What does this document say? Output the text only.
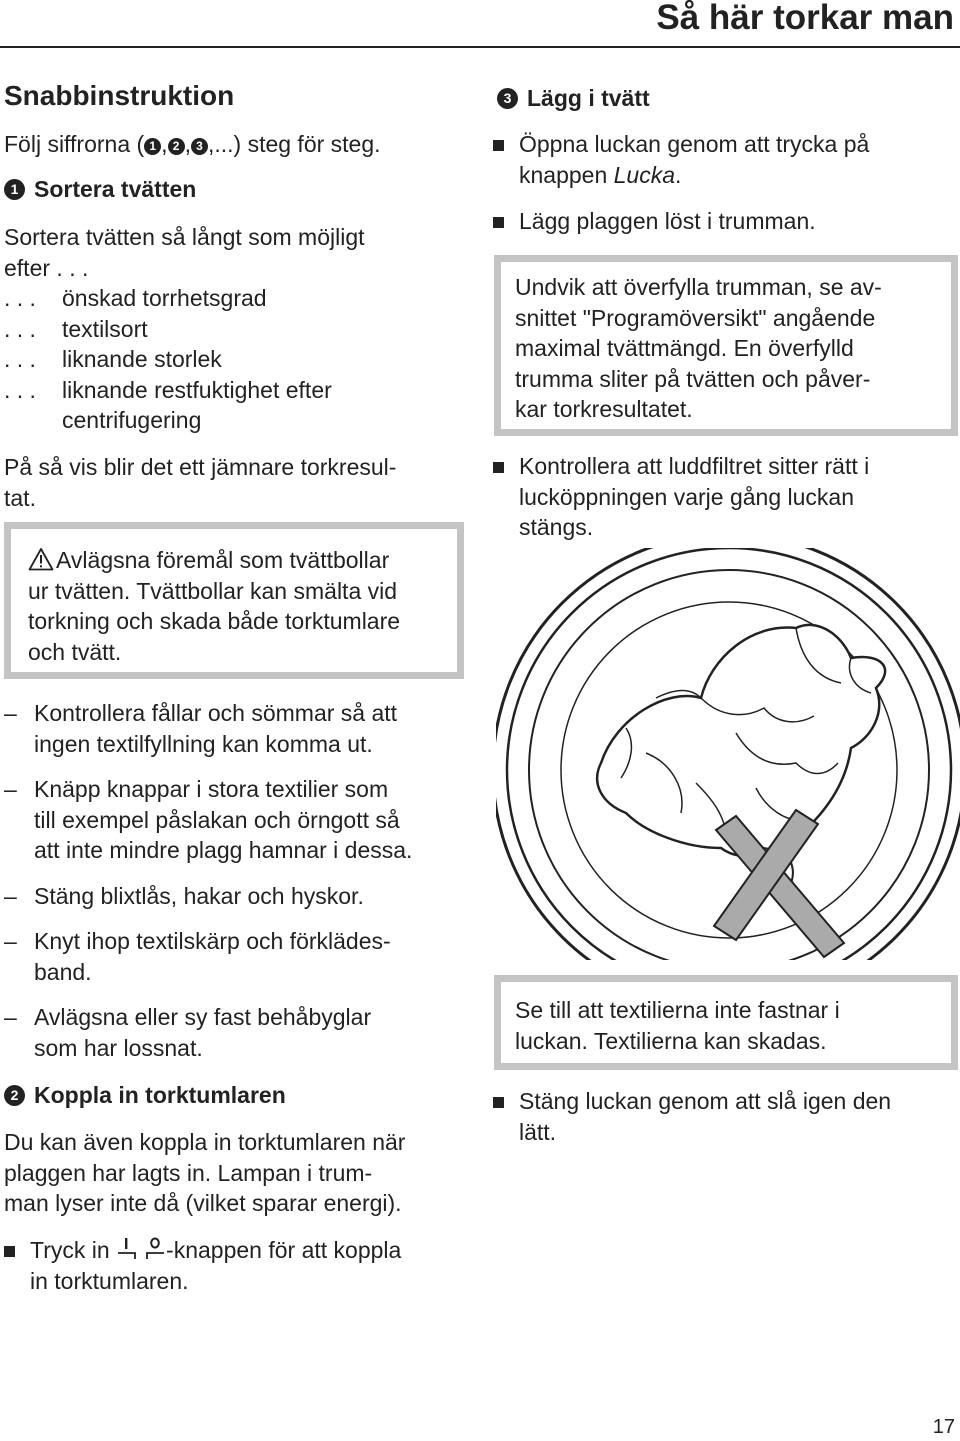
Så här torkar man
Snabbinstruktion
Följ siffrorna ( 1 , 2 , 3 ,...) steg för steg.
1 Sortera tvätten
Sortera tvätten så långt som möjligt
efter . . .
. . .	önskad torrhetsgrad
. . .	textilsort
. . .	liknande storlek
. . .	liknande restfuktighet efter
centrifugering
På så vis blir det ett jämnare torkresul-
tat.
Avlägsna föremål som tvättbollar
ur tvätten. Tvättbollar kan smälta vid
torkning och skada både torktumlare
och tvätt.
– Kontrollera fållar och sömmar så att
ingen textilfyllning kan komma ut.
– Knäpp knappar i stora textilier som
till exempel påslakan och örngott så
att inte mindre plagg hamnar i dessa.
– Stäng blixtlås, hakar och hyskor.
– Knyt ihop textilskärp och förklädes-
band.
– Avlägsna eller sy fast behåbyglar
som har lossnat.
2 Koppla in torktumlaren
Du kan även koppla in torktumlaren när
plaggen har lagts in. Lampan i trum-
man lyser inte då (vilket sparar energi).
Tryck in -knappen för att koppla
in torktumlaren.
3 Lägg i tvätt
Öppna luckan genom att trycka på
knappen Lucka.
Lägg plaggen löst i trumman.
Undvik att överfylla trumman, se av-
snittet "Programöversikt" angående
maximal tvättmängd. En överfylld
trumma sliter på tvätten och påver-
kar torkresultatet.
Kontrollera att luddfiltret sitter rätt i
lucköppningen varje gång luckan
stängs.
Se till att textilierna inte fastnar i
luckan. Textilierna kan skadas.
Stäng luckan genom att slå igen den
lätt.
17
